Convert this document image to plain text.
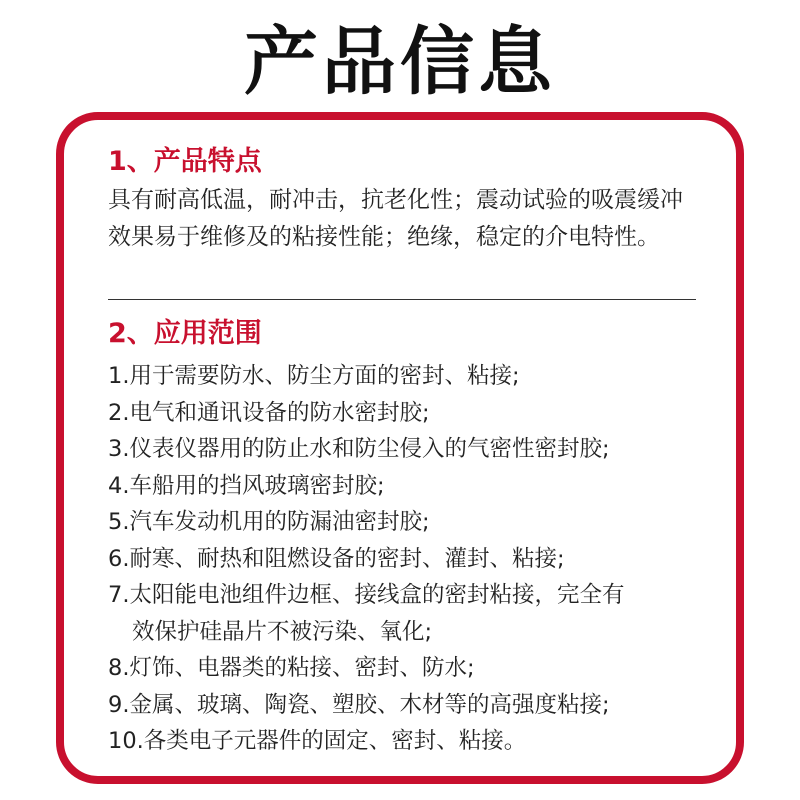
产品信息
1、产品特点

具有耐高低温，耐冲击，抗老化性；震动试验的吸震缓冲效果易于维修及的粘接性能；绝缘，稳定的介电特性。

2、应用范围
1.用于需要防水、防尘方面的密封、粘接;
2.电气和通讯设备的防水密封胶;
3.仪表仪器用的防止水和防尘侵入的气密性密封胶;
4.车船用的挡风玻璃密封胶;
5.汽车发动机用的防漏油密封胶;
6.耐寒、耐热和阻燃设备的密封、灌封、粘接;
7.太阳能电池组件边框、接线盒的密封粘接，完全有
效保护硅晶片不被污染、氧化;
8.灯饰、电器类的粘接、密封、防水;
9.金属、玻璃、陶瓷、塑胶、木材等的高强度粘接;
10.各类电子元器件的固定、密封、粘接。
